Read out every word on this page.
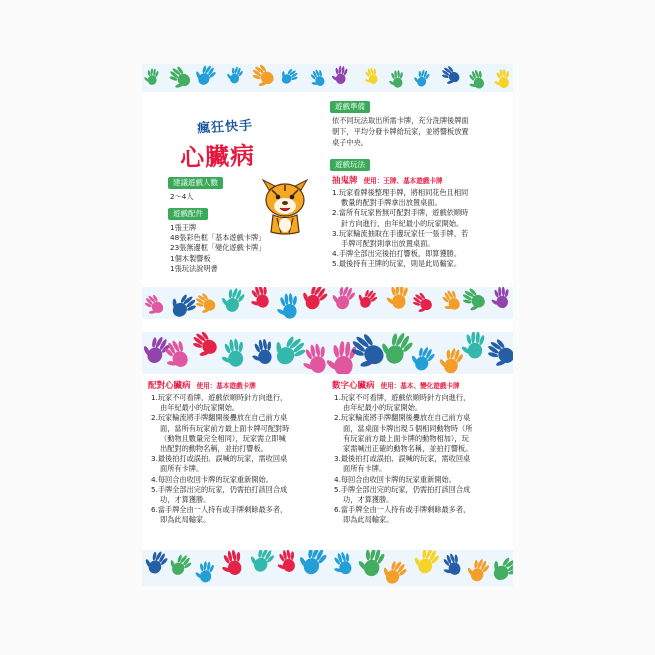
瘋狂快手
心臟病
建議遊戲人數
2～4人
遊戲配件
1張王牌
48張彩色框「基本遊戲卡牌」
23張無邊框「變化遊戲卡牌」
1個木製響板
1張玩法說明書
遊戲準備
依不同玩法取出所需卡牌，充分洗牌後牌面
朝下，平均分發卡牌給玩家，並將響板放置
桌子中央。
遊戲玩法
抽鬼牌 使用：王牌、基本遊戲卡牌
1.玩家看牌後整理手牌，將相同花色且相同
數量的配對手牌拿出放置桌面。
2.當所有玩家皆無可配對手牌，遊戲依順時
針方向進行，由年紀最小的玩家開始。
3.玩家輪流抽取在手邊玩家任一張手牌，若
手牌可配對則拿出放置桌面。
4.手牌全部出完後拍打響板，即算獲勝。
5.最後持有王牌的玩家，則是此局輸家。
配對心臟病 使用：基本遊戲卡牌
1.玩家不可看牌，遊戲依順時針方向進行，
由年紀最小的玩家開始。
2.玩家輪流將手牌翻開後疊放在自己前方桌
面，當所有玩家前方最上面卡牌可配對時
（動物且數量完全相同），玩家需立即喊
出配對的動物名稱，並拍打響板。
3.最後拍打或誤拍、誤喊的玩家，需收回桌
面所有卡牌。
4.每回合由收回卡牌的玩家重新開始。
5.手牌全部出完的玩家，仍需拍打該回合成
功，才算獲勝。
6.當手牌全由一人持有或手牌剩餘最多者，
即為此局輸家。
數字心臟病 使用：基本、變化遊戲卡牌
1.玩家不可看牌，遊戲依順時針方向進行，
由年紀最小的玩家開始。
2.玩家輪流將手牌翻開後疊放在自己前方桌
面，當桌面卡牌出現５個相同動物時（所
有玩家前方最上面卡牌的動物相加），玩
家需喊出正確的動物名稱，並拍打響板。
3.最後拍打或誤拍、誤喊的玩家，需收回桌
面所有卡牌。
4.每回合由收回卡牌的玩家重新開始。
5.手牌全部出完的玩家，仍需拍打該回合成
功，才算獲勝。
6.當手牌全由一人持有或手牌剩餘最多者，
即為此局輸家。
